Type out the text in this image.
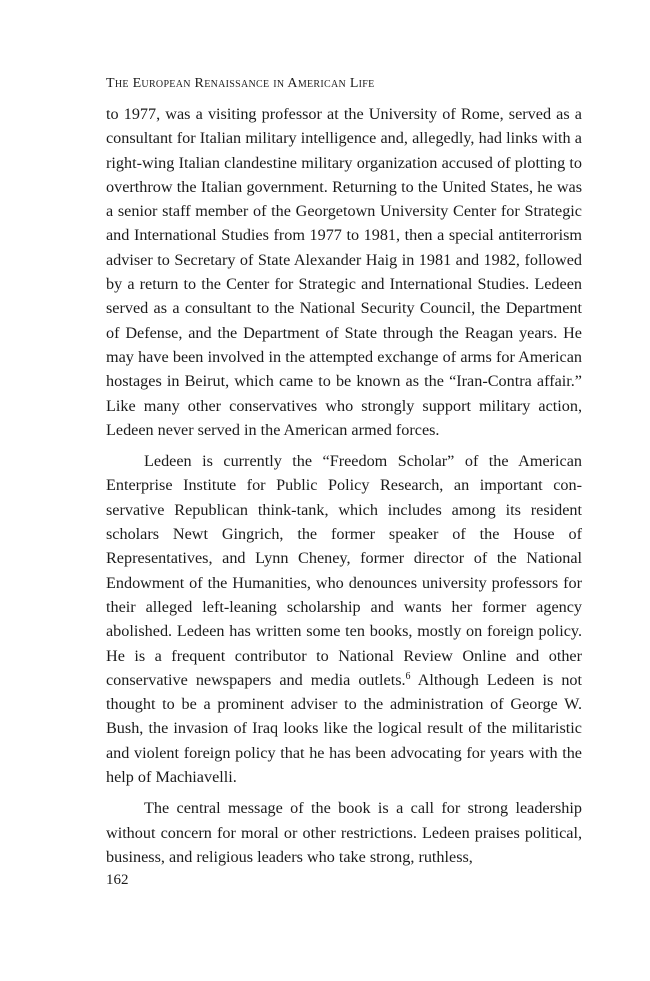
The European Renaissance in American Life

to 1977, was a visiting professor at the University of Rome, served as a consultant for Italian military intelligence and, allegedly, had links with a right-wing Italian clandestine military organization accused of plotting to overthrow the Italian government. Returning to the United States, he was a senior staff member of the Georgetown University Center for Strategic and International Studies from 1977 to 1981, then a special antiterrorism adviser to Secretary of State Alexander Haig in 1981 and 1982, followed by a return to the Center for Strategic and International Studies. Ledeen served as a consultant to the National Security Council, the Department of Defense, and the Department of State through the Reagan years. He may have been involved in the attempted exchange of arms for American hostages in Beirut, which came to be known as the “Iran-Contra affair.” Like many other conservatives who strongly support military action, Ledeen never served in the American armed forces.

Ledeen is currently the “Freedom Scholar” of the American Enterprise Institute for Public Policy Research, an important conservative Republican think-tank, which includes among its resident scholars Newt Gingrich, the former speaker of the House of Representatives, and Lynn Cheney, former director of the National Endowment of the Humanities, who denounces university professors for their alleged left-leaning scholarship and wants her former agency abolished. Ledeen has written some ten books, mostly on foreign policy. He is a frequent contributor to National Review Online and other conservative newspapers and media outlets.$^6$ Although Ledeen is not thought to be a prominent adviser to the administration of George W. Bush, the invasion of Iraq looks like the logical result of the militaristic and violent foreign policy that he has been advocating for years with the help of Machiavelli.

The central message of the book is a call for strong leadership without concern for moral or other restrictions. Ledeen praises political, business, and religious leaders who take strong, ruthless,

162
